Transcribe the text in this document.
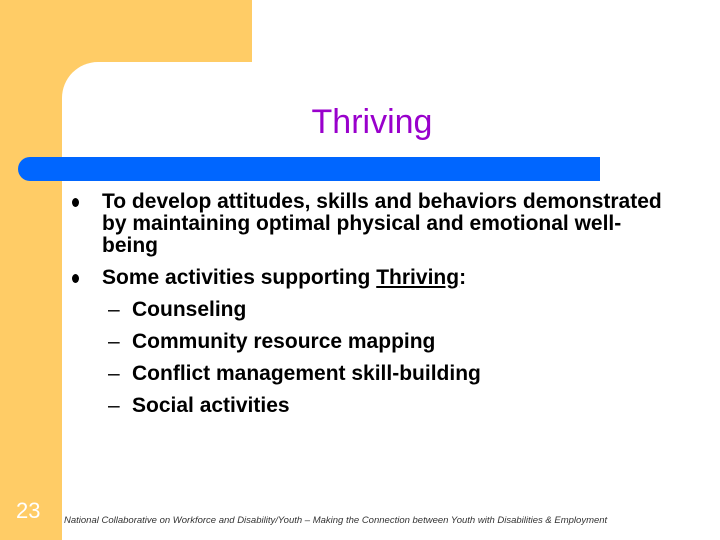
Thriving
To develop attitudes, skills and behaviors demonstrated by maintaining optimal physical and emotional well-being
Some activities supporting Thriving:
– Counseling
– Community resource mapping
– Conflict management skill-building
– Social activities
23 National Collaborative on Workforce and Disability/Youth – Making the Connection between Youth with Disabilities & Employment
